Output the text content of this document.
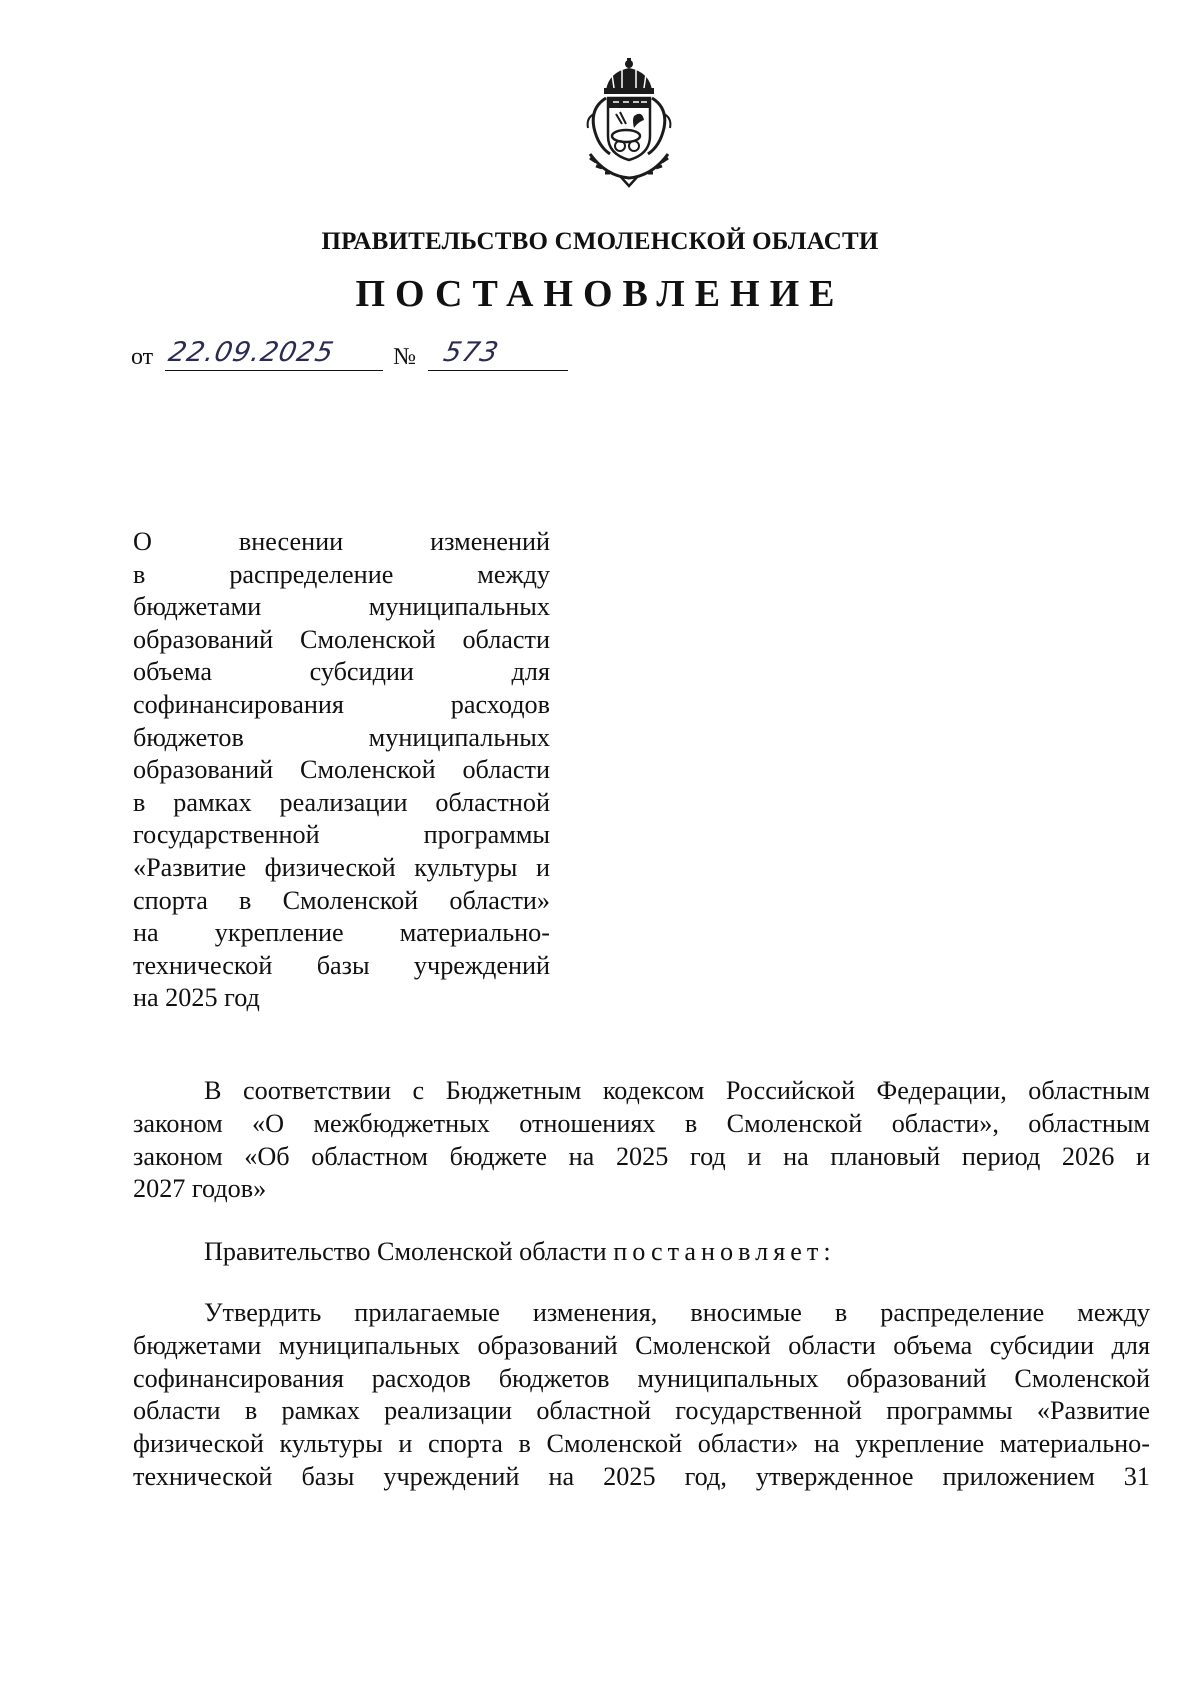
ПРАВИТЕЛЬСТВО СМОЛЕНСКОЙ ОБЛАСТИ
ПОСТАНОВЛЕНИЕ
от 22.09.2025 № 573
О внесении изменений
в распределение между
бюджетами муниципальных
образований Смоленской области
объема субсидии для
софинансирования расходов
бюджетов муниципальных
образований Смоленской области
в рамках реализации областной
государственной программы
«Развитие физической культуры и
спорта в Смоленской области»
на укрепление материально-
технической базы учреждений
на 2025 год
В соответствии с Бюджетным кодексом Российской Федерации, областным
законом «О межбюджетных отношениях в Смоленской области», областным
законом «Об областном бюджете на 2025 год и на плановый период 2026 и
2027 годов»
Правительство Смоленской области постановляет:
Утвердить прилагаемые изменения, вносимые в распределение между
бюджетами муниципальных образований Смоленской области объема субсидии для
софинансирования расходов бюджетов муниципальных образований Смоленской
области в рамках реализации областной государственной программы «Развитие
физической культуры и спорта в Смоленской области» на укрепление материально-
технической базы учреждений на 2025 год, утвержденное приложением 31
